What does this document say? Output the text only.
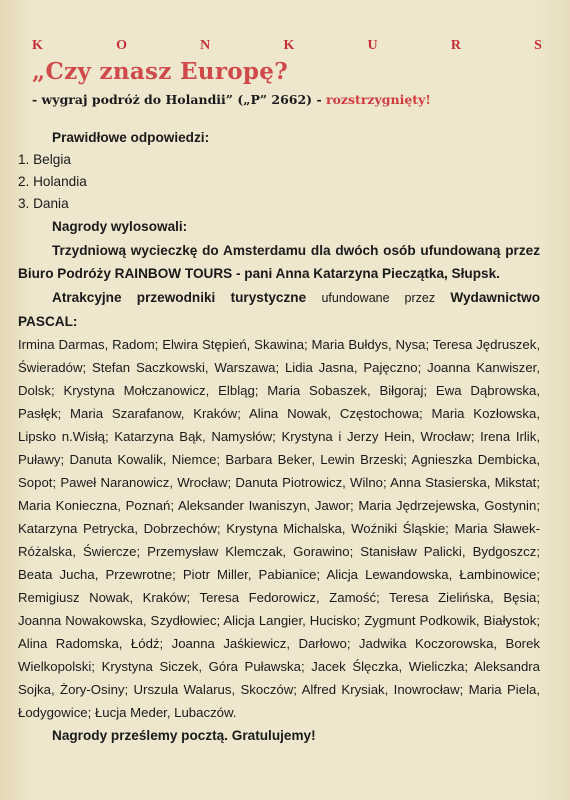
K	O	N	K	U	R	S
„Czy znasz Europę?
- wygraj podróż do Holandii” („P” 2662) - rozstrzygnięty!
Prawidłowe odpowiedzi:
1. Belgia
2. Holandia
3. Dania
Nagrody wylosowali:
Trzydniową wycieczkę do Amsterdamu dla dwóch osób ufundowaną przez Biuro Podróży RAINBOW TOURS - pani Anna Katarzyna Pieczątka, Słupsk.
Atrakcyjne przewodniki turystyczne ufundowane przez Wydawnictwo PASCAL:
Irmina Darmas, Radom; Elwira Stępień, Skawina; Maria Bułdys, Nysa; Teresa Jędruszek, Świeradów; Stefan Saczkowski, Warszawa; Lidia Jasna, Pajęczno; Joanna Kanwiszer, Dolsk; Krystyna Mołczanowicz, Elbląg; Maria Sobaszek, Biłgoraj; Ewa Dąbrowska, Pasłęk; Maria Szarafanow, Kraków; Alina Nowak, Częstochowa; Maria Kozłowska, Lipsko n.Wisłą; Katarzyna Bąk, Namysłów; Krystyna i Jerzy Hein, Wrocław; Irena Irlik, Puławy; Danuta Kowalik, Niemce; Barbara Beker, Lewin Brzeski; Agnieszka Dembicka, Sopot; Paweł Naranowicz, Wrocław; Danuta Piotrowicz, Wilno; Anna Stasierska, Mikstat; Maria Konieczna, Poznań; Aleksander Iwaniszyn, Jawor; Maria Jędrzejewska, Gostynin; Katarzyna Petrycka, Dobrzechów; Krystyna Michalska, Woźniki Śląskie; Maria Sławek-Różalska, Świercze; Przemysław Klemczak, Gorawino; Stanisław Palicki, Bydgoszcz; Beata Jucha, Przewrotne; Piotr Miller, Pabianice; Alicja Lewandowska, Łambinowice; Remigiusz Nowak, Kraków; Teresa Fedorowicz, Zamość; Teresa Zielińska, Bęsia; Joanna Nowakowska, Szydłowiec; Alicja Langier, Hucisko; Zygmunt Podkowik, Białystok; Alina Radomska, Łódź; Joanna Jaśkiewicz, Darłowo; Jadwika Koczorowska, Borek Wielkopolski; Krystyna Siczek, Góra Puławska; Jacek Ślęczka, Wieliczka; Aleksandra Sojka, Żory-Osiny; Urszula Walarus, Skoczów; Alfred Krysiak, Inowrocław; Maria Piela, Łodygowice; Łucja Meder, Lubaczów.
Nagrody prześlemy pocztą. Gratulujemy!
